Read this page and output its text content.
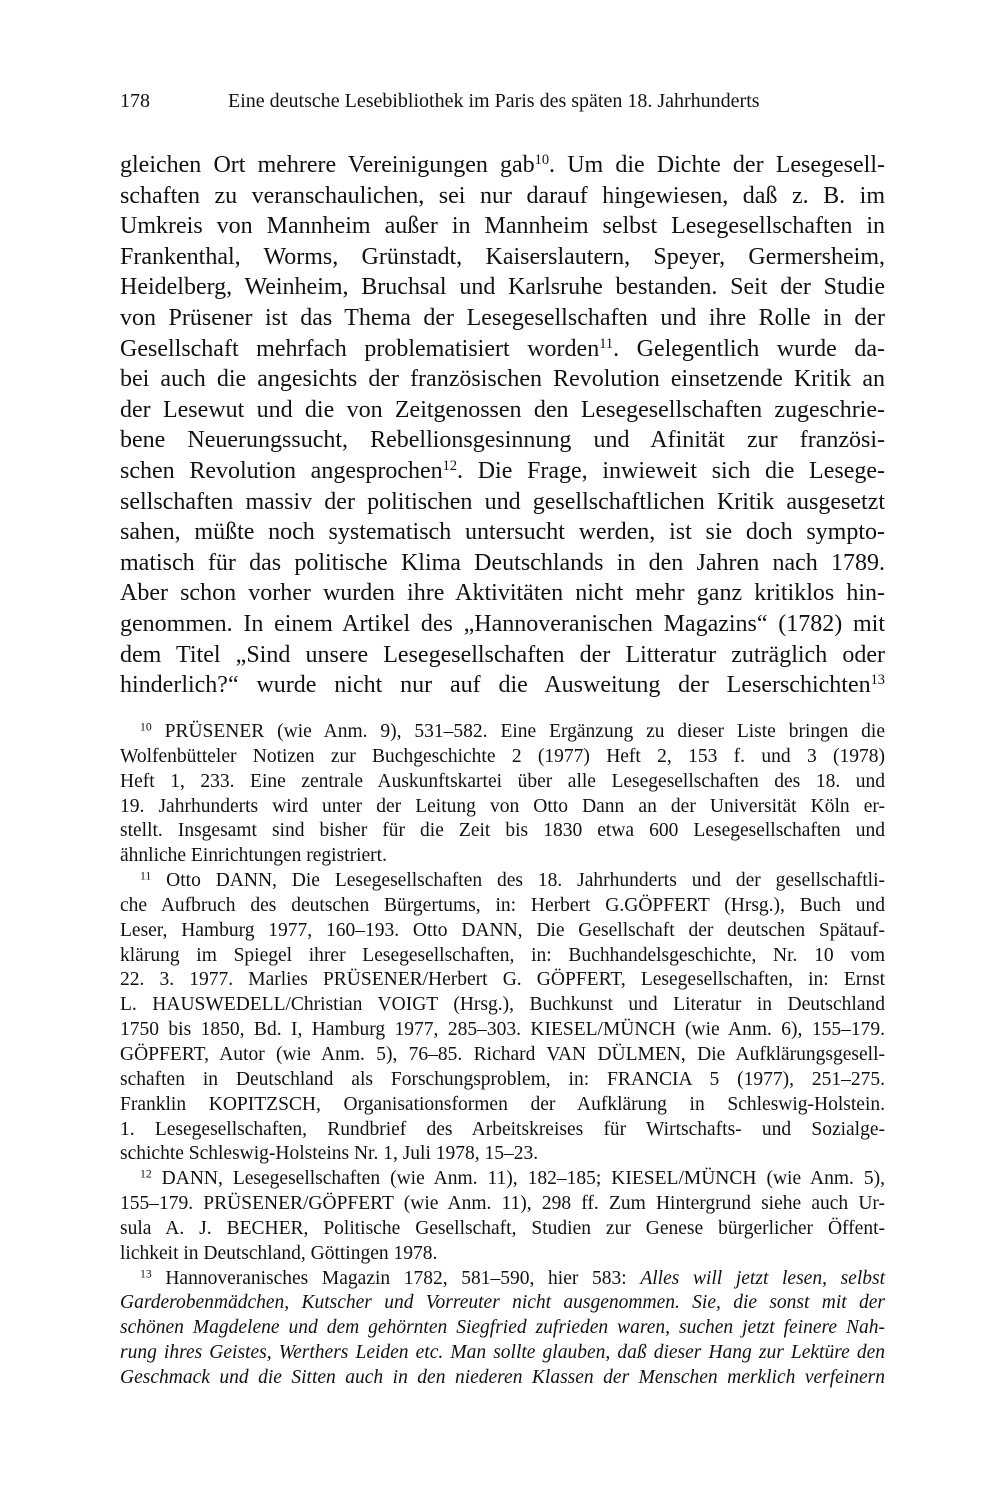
178	Eine deutsche Lesebibliothek im Paris des späten 18. Jahrhunderts
gleichen Ort mehrere Vereinigungen gab$^{10}$. Um die Dichte der Lesegesell-
schaften zu veranschaulichen, sei nur darauf hingewiesen, daß z. B. im
Umkreis von Mannheim außer in Mannheim selbst Lesegesellschaften in
Frankenthal, Worms, Grünstadt, Kaiserslautern, Speyer, Germersheim,
Heidelberg, Weinheim, Bruchsal und Karlsruhe bestanden. Seit der Studie
von Prüsener ist das Thema der Lesegesellschaften und ihre Rolle in der
Gesellschaft mehrfach problematisiert worden$^{11}$. Gelegentlich wurde da-
bei auch die angesichts der französischen Revolution einsetzende Kritik an
der Lesewut und die von Zeitgenossen den Lesegesellschaften zugeschrie-
bene Neuerungssucht, Rebellionsgesinnung und Afinität zur französi-
schen Revolution angesprochen$^{12}$. Die Frage, inwieweit sich die Lesege-
sellschaften massiv der politischen und gesellschaftlichen Kritik ausgesetzt
sahen, müßte noch systematisch untersucht werden, ist sie doch sympto-
matisch für das politische Klima Deutschlands in den Jahren nach 1789.
Aber schon vorher wurden ihre Aktivitäten nicht mehr ganz kritiklos hin-
genommen. In einem Artikel des „Hannoveranischen Magazins“ (1782) mit
dem Titel „Sind unsere Lesegesellschaften der Litteratur zuträglich oder
hinderlich?“ wurde nicht nur auf die Ausweitung der Leserschichten$^{13}$
$^{10}$ PRÜSENER (wie Anm. 9), 531–582. Eine Ergänzung zu dieser Liste bringen die
Wolfenbütteler Notizen zur Buchgeschichte 2 (1977) Heft 2, 153 f. und 3 (1978)
Heft 1, 233. Eine zentrale Auskunftskartei über alle Lesegesellschaften des 18. und
19. Jahrhunderts wird unter der Leitung von Otto Dann an der Universität Köln er-
stellt. Insgesamt sind bisher für die Zeit bis 1830 etwa 600 Lesegesellschaften und
ähnliche Einrichtungen registriert.
$^{11}$ Otto DANN, Die Lesegesellschaften des 18. Jahrhunderts und der gesellschaftli-
che Aufbruch des deutschen Bürgertums, in: Herbert G.GÖPFERT (Hrsg.), Buch und
Leser, Hamburg 1977, 160–193. Otto DANN, Die Gesellschaft der deutschen Spätauf-
klärung im Spiegel ihrer Lesegesellschaften, in: Buchhandelsgeschichte, Nr. 10 vom
22. 3. 1977. Marlies PRÜSENER/Herbert G. GÖPFERT, Lesegesellschaften, in: Ernst
L. HAUSWEDELL/Christian VOIGT (Hrsg.), Buchkunst und Literatur in Deutschland
1750 bis 1850, Bd. I, Hamburg 1977, 285–303. KIESEL/MÜNCH (wie Anm. 6), 155–179.
GÖPFERT, Autor (wie Anm. 5), 76–85. Richard VAN DÜLMEN, Die Aufklärungsgesell-
schaften in Deutschland als Forschungsproblem, in: FRANCIA 5 (1977), 251–275.
Franklin KOPITZSCH, Organisationsformen der Aufklärung in Schleswig-Holstein.
1. Lesegesellschaften, Rundbrief des Arbeitskreises für Wirtschafts- und Sozialge-
schichte Schleswig-Holsteins Nr. 1, Juli 1978, 15–23.
$^{12}$ DANN, Lesegesellschaften (wie Anm. 11), 182–185; KIESEL/MÜNCH (wie Anm. 5),
155–179. PRÜSENER/GÖPFERT (wie Anm. 11), 298 ff. Zum Hintergrund siehe auch Ur-
sula A. J. BECHER, Politische Gesellschaft, Studien zur Genese bürgerlicher Öffent-
lichkeit in Deutschland, Göttingen 1978.
$^{13}$ Hannoveranisches Magazin 1782, 581–590, hier 583: Alles will jetzt lesen, selbst
Garderobenmädchen, Kutscher und Vorreuter nicht ausgenommen. Sie, die sonst mit der
schönen Magdelene und dem gehörnten Siegfried zufrieden waren, suchen jetzt feinere Nah-
rung ihres Geistes, Werthers Leiden etc. Man sollte glauben, daß dieser Hang zur Lektüre den
Geschmack und die Sitten auch in den niederen Klassen der Menschen merklich verfeinern
